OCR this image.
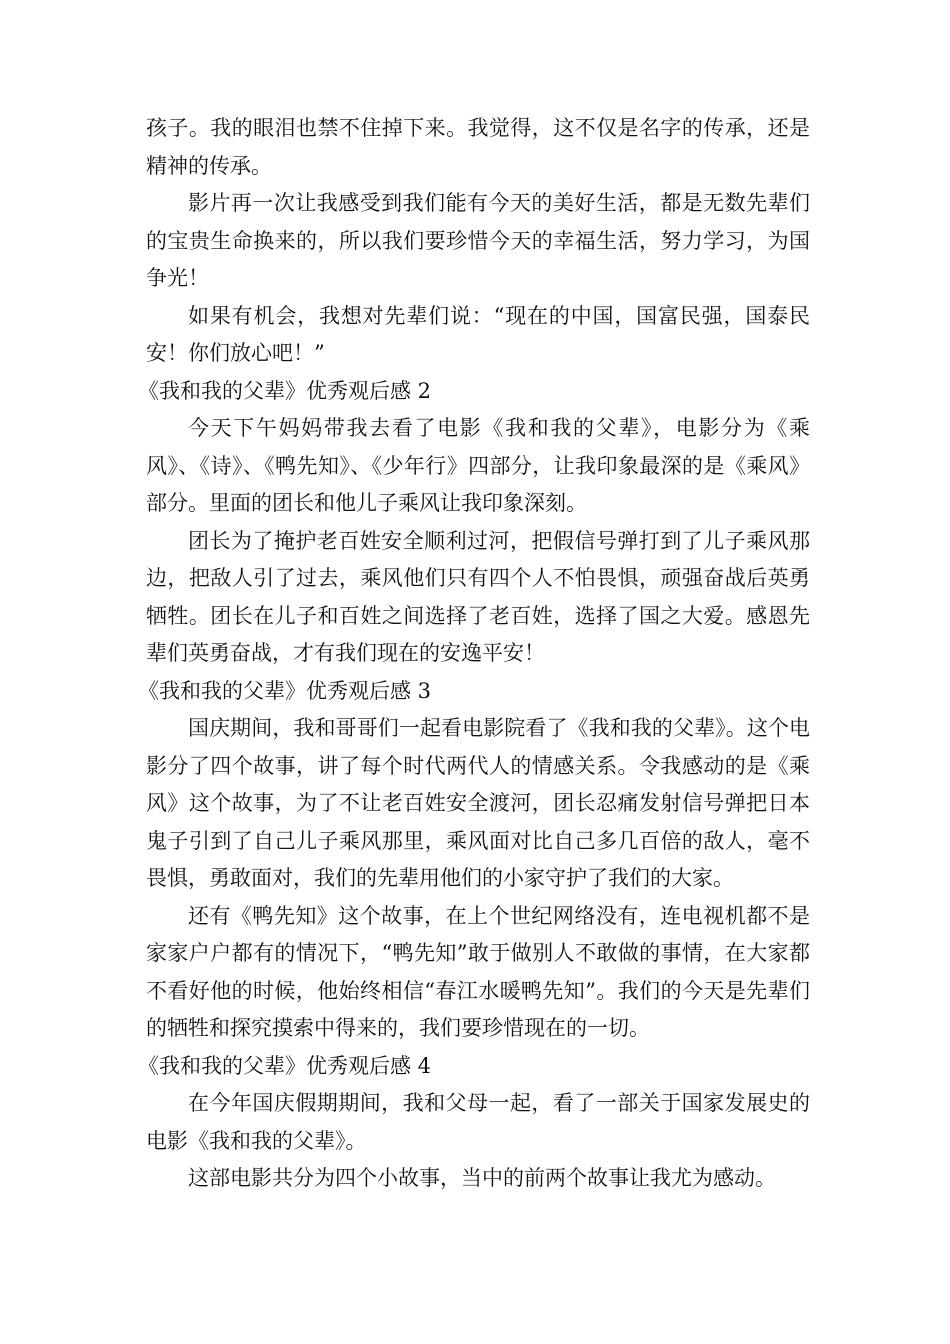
孩子。我的眼泪也禁不住掉下来。我觉得，这不仅是名字的传承，还是精神的传承。

影片再一次让我感受到我们能有今天的美好生活，都是无数先辈们的宝贵生命换来的，所以我们要珍惜今天的幸福生活，努力学习，为国争光！

如果有机会，我想对先辈们说：“现在的中国，国富民强，国泰民安！你们放心吧！”

《我和我的父辈》优秀观后感 2

今天下午妈妈带我去看了电影《我和我的父辈》，电影分为《乘风》、《诗》、《鸭先知》、《少年行》四部分，让我印象最深的是《乘风》部分。里面的团长和他儿子乘风让我印象深刻。

团长为了掩护老百姓安全顺利过河，把假信号弹打到了儿子乘风那边，把敌人引了过去，乘风他们只有四个人不怕畏惧，顽强奋战后英勇牺牲。团长在儿子和百姓之间选择了老百姓，选择了国之大爱。感恩先辈们英勇奋战，才有我们现在的安逸平安！

《我和我的父辈》优秀观后感 3

国庆期间，我和哥哥们一起看电影院看了《我和我的父辈》。这个电影分了四个故事，讲了每个时代两代人的情感关系。令我感动的是《乘风》这个故事，为了不让老百姓安全渡河，团长忍痛发射信号弹把日本鬼子引到了自己儿子乘风那里，乘风面对比自己多几百倍的敌人，毫不畏惧，勇敢面对，我们的先辈用他们的小家守护了我们的大家。

还有《鸭先知》这个故事，在上个世纪网络没有，连电视机都不是家家户户都有的情况下，“鸭先知”敢于做别人不敢做的事情，在大家都不看好他的时候，他始终相信“春江水暖鸭先知”。我们的今天是先辈们的牺牲和探究摸索中得来的，我们要珍惜现在的一切。

《我和我的父辈》优秀观后感 4

在今年国庆假期期间，我和父母一起，看了一部关于国家发展史的电影《我和我的父辈》。

这部电影共分为四个小故事，当中的前两个故事让我尤为感动。
